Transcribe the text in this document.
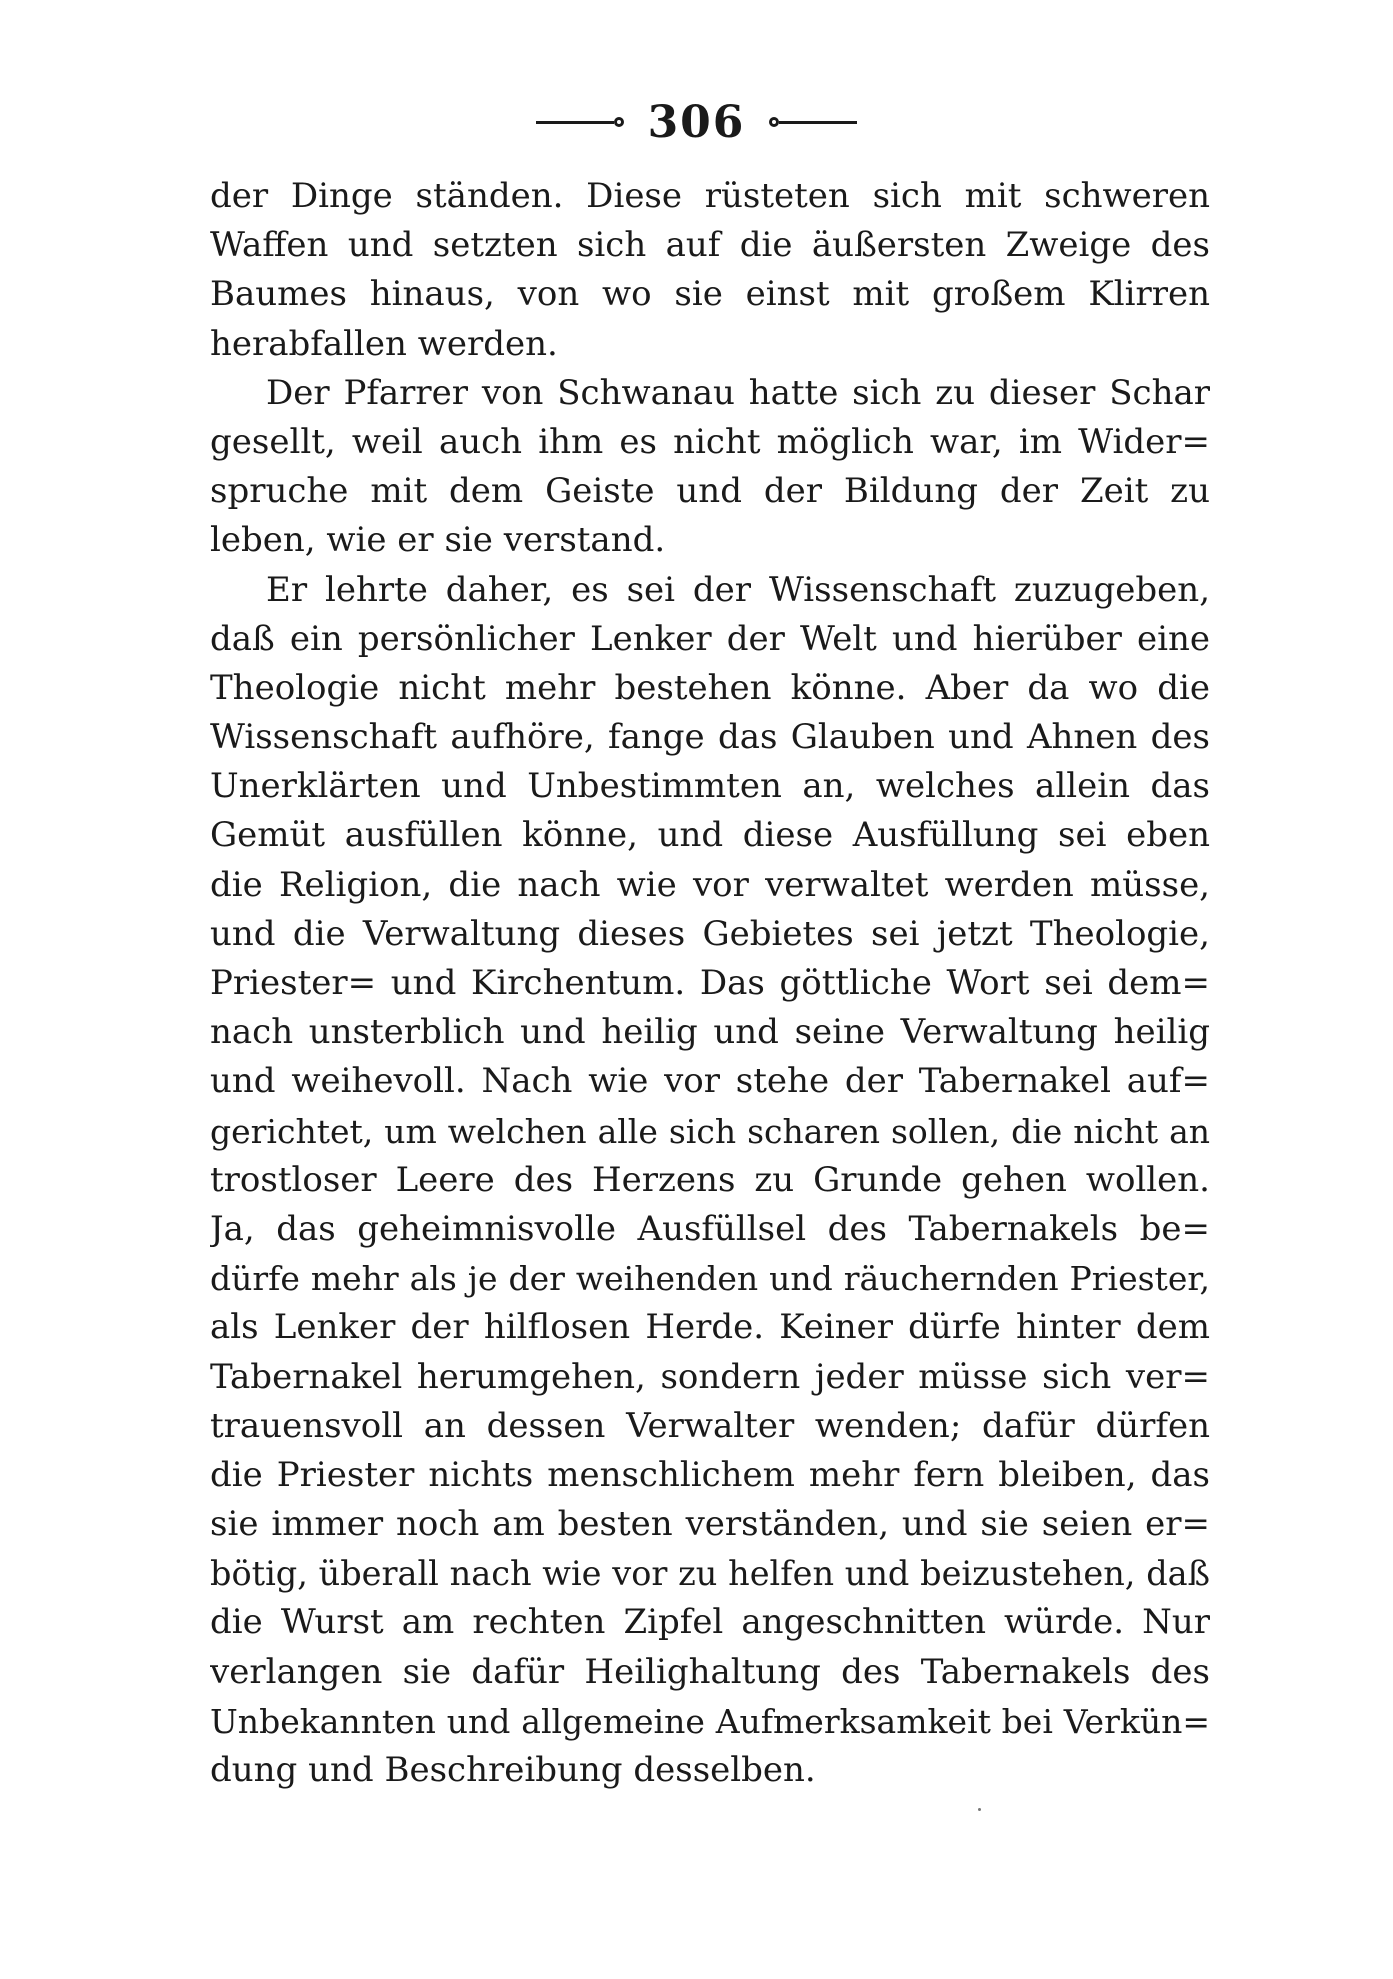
306

der Dinge ständen. Diese rüsteten sich mit schweren
Waffen und setzten sich auf die äußersten Zweige des
Baumes hinaus, von wo sie einst mit großem Klirren
herabfallen werden.

Der Pfarrer von Schwanau hatte sich zu dieser Schar
gesellt, weil auch ihm es nicht möglich war, im Wider=
spruche mit dem Geiste und der Bildung der Zeit zu
leben, wie er sie verstand.

Er lehrte daher, es sei der Wissenschaft zuzugeben,
daß ein persönlicher Lenker der Welt und hierüber eine
Theologie nicht mehr bestehen könne. Aber da wo die
Wissenschaft aufhöre, fange das Glauben und Ahnen des
Unerklärten und Unbestimmten an, welches allein das
Gemüt ausfüllen könne, und diese Ausfüllung sei eben
die Religion, die nach wie vor verwaltet werden müsse,
und die Verwaltung dieses Gebietes sei jetzt Theologie,
Priester= und Kirchentum. Das göttliche Wort sei dem=
nach unsterblich und heilig und seine Verwaltung heilig
und weihevoll. Nach wie vor stehe der Tabernakel auf=
gerichtet, um welchen alle sich scharen sollen, die nicht an
trostloser Leere des Herzens zu Grunde gehen wollen.
Ja, das geheimnisvolle Ausfüllsel des Tabernakels be=
dürfe mehr als je der weihenden und räuchernden Priester,
als Lenker der hilflosen Herde. Keiner dürfe hinter dem
Tabernakel herumgehen, sondern jeder müsse sich ver=
trauensvoll an dessen Verwalter wenden; dafür dürfen
die Priester nichts menschlichem mehr fern bleiben, das
sie immer noch am besten verständen, und sie seien er=
bötig, überall nach wie vor zu helfen und beizustehen, daß
die Wurst am rechten Zipfel angeschnitten würde. Nur
verlangen sie dafür Heilighaltung des Tabernakels des
Unbekannten und allgemeine Aufmerksamkeit bei Verkün=
dung und Beschreibung desselben.
